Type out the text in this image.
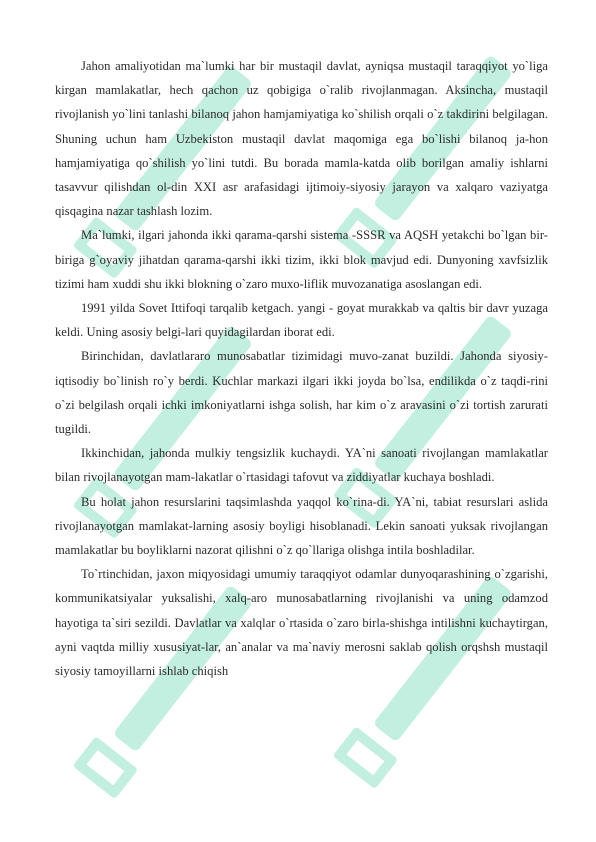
Jahon amaliyotidan ma`lumki har bir mustaqil davlat, ayniqsa mustaqil taraqqiyot yo`liga kirgan mamlakatlar, hech qachon uz qobigiga o`ralib rivojlanmagan. Aksincha, mustaqil rivojlanish yo`lini tanlashi bilanoq jahon hamjamiyatiga ko`shilish orqali o`z takdirini belgilagan. Shuning uchun ham Uzbekiston mustaqil davlat maqomiga ega bo`lishi bilanoq ja-hon hamjamiyatiga qo`shilish yo`lini tutdi. Bu borada mamla-katda olib borilgan amaliy ishlarni tasavvur qilishdan ol-din XXI asr arafasidagi ijtimoiy-siyosiy jarayon va xalqaro vaziyatga qisqagina nazar tashlash lozim.

Ma`lumki, ilgari jahonda ikki qarama-qarshi sistema -SSSR va AQSH yetakchi bo`lgan bir-biriga g`oyaviy jihatdan qarama-qarshi ikki tizim, ikki blok mavjud edi. Dunyoning xavfsizlik tizimi ham xuddi shu ikki blokning o`zaro muxo-liflik muvozanatiga asoslangan edi.

1991 yilda Sovet Ittifoqi tarqalib ketgach. yangi - goyat murakkab va qaltis bir davr yuzaga keldi. Uning asosiy belgi-lari quyidagilardan iborat edi.

Birinchidan, davlatlararo munosabatlar tizimidagi muvo-zanat buzildi. Jahonda siyosiy-iqtisodiy bo`linish ro`y berdi. Kuchlar markazi ilgari ikki joyda bo`lsa, endilikda o`z taqdi-rini o`zi belgilash orqali ichki imkoniyatlarni ishga solish, har kim o`z aravasini o`zi tortish zarurati tugildi.

Ikkinchidan, jahonda mulkiy tengsizlik kuchaydi. YA`ni sanoati rivojlangan mamlakatlar bilan rivojlanayotgan mam-lakatlar o`rtasidagi tafovut va ziddiyatlar kuchaya boshladi.

Bu holat jahon resurslarini taqsimlashda yaqqol ko`rina-di. YA`ni, tabiat resurslari aslida rivojlanayotgan mamlakat-larning asosiy boyligi hisoblanadi. Lekin sanoati yuksak rivojlangan mamlakatlar bu boyliklarni nazorat qilishni o`z qo`llariga olishga intila boshladilar.

To`rtinchidan, jaxon miqyosidagi umumiy taraqqiyot odamlar dunyoqarashining o`zgarishi, kommunikatsiyalar yuksalishi, xalq-aro munosabatlarning rivojlanishi va uning odamzod hayotiga ta`siri sezildi. Davlatlar va xalqlar o`rtasida o`zaro birla-shishga intilishni kuchaytirgan, ayni vaqtda milliy xususiyat-lar, an`analar va ma`naviy merosni saklab qolish orqshsh mustaqil siyosiy tamoyillarni ishlab chiqish
